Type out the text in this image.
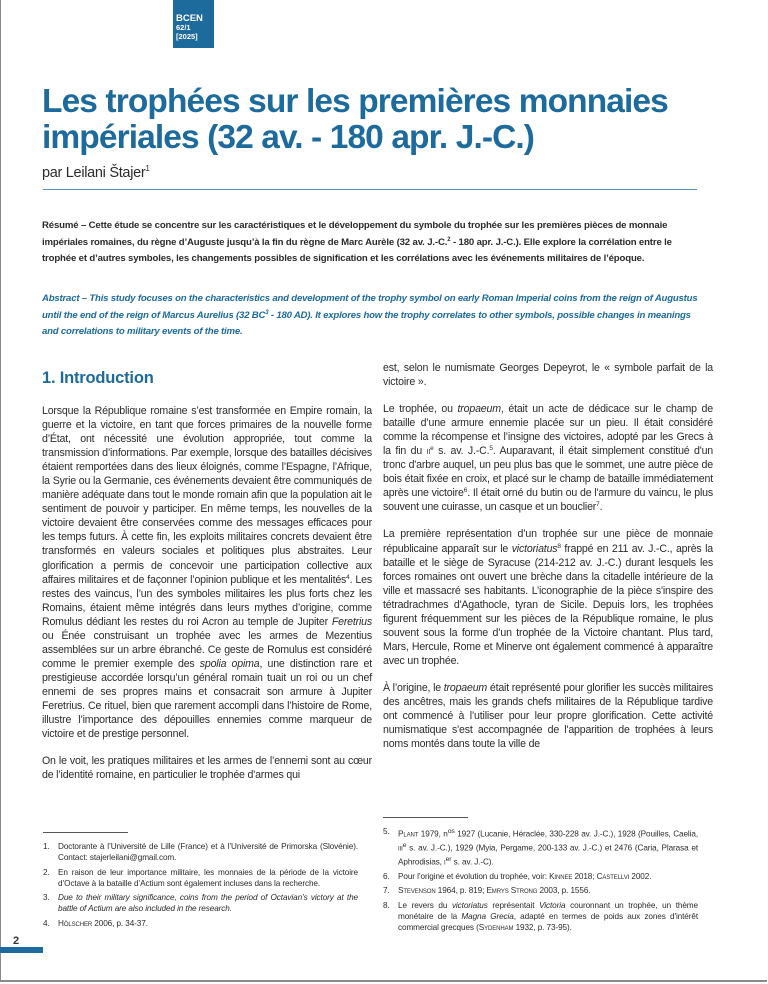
BCEN
62/1
[2025]
Les trophées sur les premières monnaies impériales (32 av. - 180 apr. J.-C.)
par Leilani Štajer$^1$

Résumé – Cette étude se concentre sur les caractéristiques et le développement du symbole du trophée sur les premières pièces de monnaie impériales romaines, du règne d’Auguste jusqu’à la fin du règne de Marc Aurèle (32 av. J.-C.$^2$ - 180 apr. J.-C.). Elle explore la corrélation entre le trophée et d’autres symboles, les changements possibles de signification et les corrélations avec les événements militaires de l’époque.

Abstract – This study focuses on the characteristics and development of the trophy symbol on early Roman Imperial coins from the reign of Augustus until the end of the reign of Marcus Aurelius (32 $BC^3 - 180$ AD). It explores how the trophy correlates to other symbols, possible changes in meanings and correlations to military events of the time.

1. Introduction

Lorsque la République romaine s’est transformée en Empire romain, la guerre et la victoire, en tant que forces primaires de la nouvelle forme d’État, ont nécessité une évolution appropriée, tout comme la transmission d’informations. Par exemple, lorsque des batailles décisives étaient remportées dans des lieux éloignés, comme l’Espagne, l’Afrique, la Syrie ou la Germanie, ces événements devaient être communiqués de manière adéquate dans tout le monde romain afin que la population ait le sentiment de pouvoir y participer. En même temps, les nouvelles de la victoire devaient être conservées comme des messages efficaces pour les temps futurs. À cette fin, les exploits militaires concrets devaient être transformés en valeurs sociales et politiques plus abstraites. Leur glorification a permis de concevoir une participation collective aux affaires militaires et de façonner l’opinion publique et les mentalités$^4$. Les restes des vaincus, l’un des symboles militaires les plus forts chez les Romains, étaient même intégrés dans leurs mythes d’origine, comme Romulus dédiant les restes du roi Acron au temple de Jupiter Feretrius ou Énée construisant un trophée avec les armes de Mezentius assemblées sur un arbre ébranché. Ce geste de Romulus est considéré comme le premier exemple des spolia opima, une distinction rare et prestigieuse accordée lorsqu’un général romain tuait un roi ou un chef ennemi de ses propres mains et consacrait son armure à Jupiter Feretrius. Ce rituel, bien que rarement accompli dans l’histoire de Rome, illustre l’importance des dépouilles ennemies comme marqueur de victoire et de prestige personnel.

On le voit, les pratiques militaires et les armes de l’ennemi sont au cœur de l’identité romaine, en particulier le trophée d'armes qui

est, selon le numismate Georges Depeyrot, le « symbole parfait de la victoire ».

Le trophée, ou tropaeum, était un acte de dédicace sur le champ de bataille d’une armure ennemie placée sur un pieu. Il était considéré comme la récompense et l’insigne des victoires, adopté par les Grecs à la fin du $ii^e$ s. av. J.-C.$^5$. Auparavant, il était simplement constitué d'un tronc d'arbre auquel, un peu plus bas que le sommet, une autre pièce de bois était fixée en croix, et placé sur le champ de bataille immédiatement après une victoire$^6$. Il était orné du butin ou de l'armure du vaincu, le plus souvent une cuirasse, un casque et un bouclier$^7$.

La première représentation d’un trophée sur une pièce de monnaie républicaine apparaît sur le victoriatus$^8$ frappé en 211 av. J.-C., après la bataille et le siège de Syracuse (214-212 av. J.-C.) durant lesquels les forces romaines ont ouvert une brèche dans la citadelle intérieure de la ville et massacré ses habitants. L’iconographie de la pièce s'inspire des tétradrachmes d'Agathocle, tyran de Sicile. Depuis lors, les trophées figurent fréquemment sur les pièces de la République romaine, le plus souvent sous la forme d’un trophée de la Victoire chantant. Plus tard, Mars, Hercule, Rome et Minerve ont également commencé à apparaître avec un trophée.

À l’origine, le tropaeum était représenté pour glorifier les succès militaires des ancêtres, mais les grands chefs militaires de la République tardive ont commencé à l’utiliser pour leur propre glorification. Cette activité numismatique s'est accompagnée de l'apparition de trophées à leurs noms montés dans toute la ville de

1. Doctorante à l’Université de Lille (France) et à l’Université de Primorska (Slovénie). Contact: stajerleilani@gmail.com.
2. En raison de leur importance militaire, les monnaies de la période de la victoire d’Octave à la bataille d’Actium sont également incluses dans la recherche.
3. Due to their military significance, coins from the period of Octavian’s victory at the battle of Actium are also included in the research.
4. Hölscher 2006, p. 34-37.
5. Plant 1979, $n^{os}$ 1927 (Lucanie, Héraclée, 330-228 av. J.-C.), 1928 (Pouilles, Caelia, iii$^e$ s. av. J.-C.), 1929 (Myia, Pergame, 200-133 av. J.-C.) et 2476 (Caria, Plarasa et Aphrodisias, $i^{er}$ s. av. J.-C).
6. Pour l’origine et évolution du trophée, voir: Kinnee 2018; Castellvi 2002.
7. Stevenson 1964, p. 819; Emrys Strong 2003, p. 1556.
8. Le revers du victoriatus représentait Victoria couronnant un trophée, un thème monétaire de la Magna Grecia, adapté en termes de poids aux zones d'intérêt commercial grecques (Sydenham 1932, p. 73-95).
2
